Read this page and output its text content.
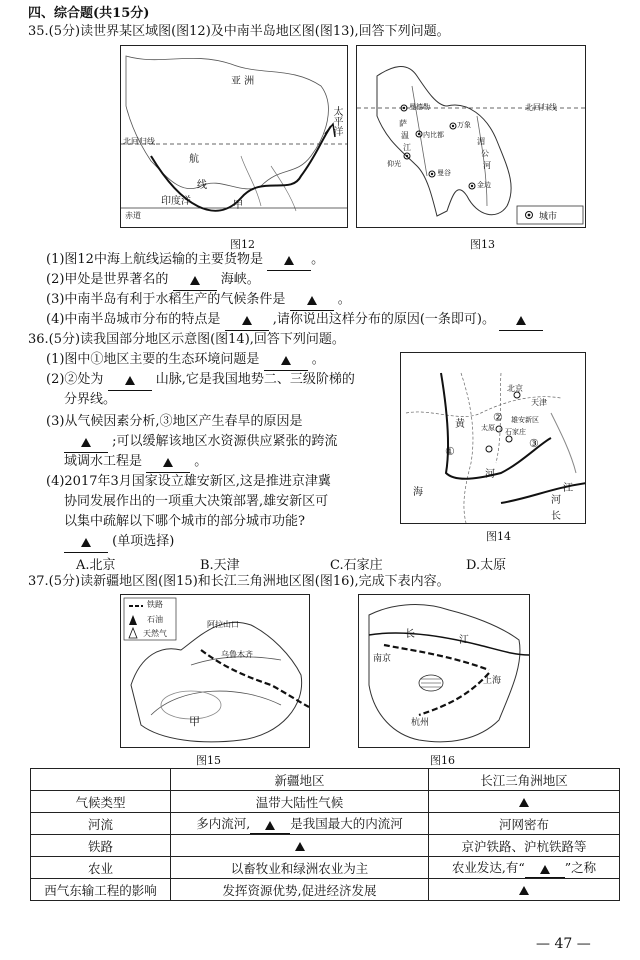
四、综合题(共15分)
35.(5分)读世界某区域图(图12)及中南半岛地区图(图13),回答下列问题。
亚 洲
北回归线
太平洋
航
线
印度洋	甲
赤道
图12
北回归线
城市
曼德勒
内比都
万象
曼谷
仰光
金边
萨
温
江
湄
公
河
图13
(1)图12中海上航线运输的主要货物是	。
(2)甲处是世界著名的	海峡。
(3)中南半岛有利于水稻生产的气候条件是	。
(4)中南半岛城市分布的特点是	,请你说出这样分布的原因(一条即可)。
36.(5分)读我国部分地区示意图(图14),回答下列问题。
(1)图中①地区主要的生态环境问题是	。
(2)②处为	山脉,它是我国地势二、三级阶梯的
分界线。
(3)从气候因素分析,③地区产生春旱的原因是
;可以缓解该地区水资源供应紧张的跨流
域调水工程是	。
(4)2017年3月国家设立雄安新区,这是推进京津冀
协同发展作出的一项重大决策部署,雄安新区可
以集中疏解以下哪个城市的部分城市功能?
(单项选择)
北京
天津
雄安新区
太原 石家庄
①
②
③
黄
河
海
河
江
长
图14
A.北京	B.天津	C.石家庄	D.太原
37.(5分)读新疆地区图(图15)和长江三角洲地区图(图16),完成下表内容。
铁路
石油
天然气
阿拉山口
乌鲁木齐
甲
图15
长
江
南京
上海
杭州
图16
	新疆地区	长江三角洲地区
气候类型	温带大陆性气候	
河流	多内流河, 是我国最大的内流河	河网密布
铁路		京沪铁路、沪杭铁路等
农业	以畜牧业和绿洲农业为主	农业发达,有“ ”之称
西气东输工程的影响	发挥资源优势,促进经济发展	
— 47 —
